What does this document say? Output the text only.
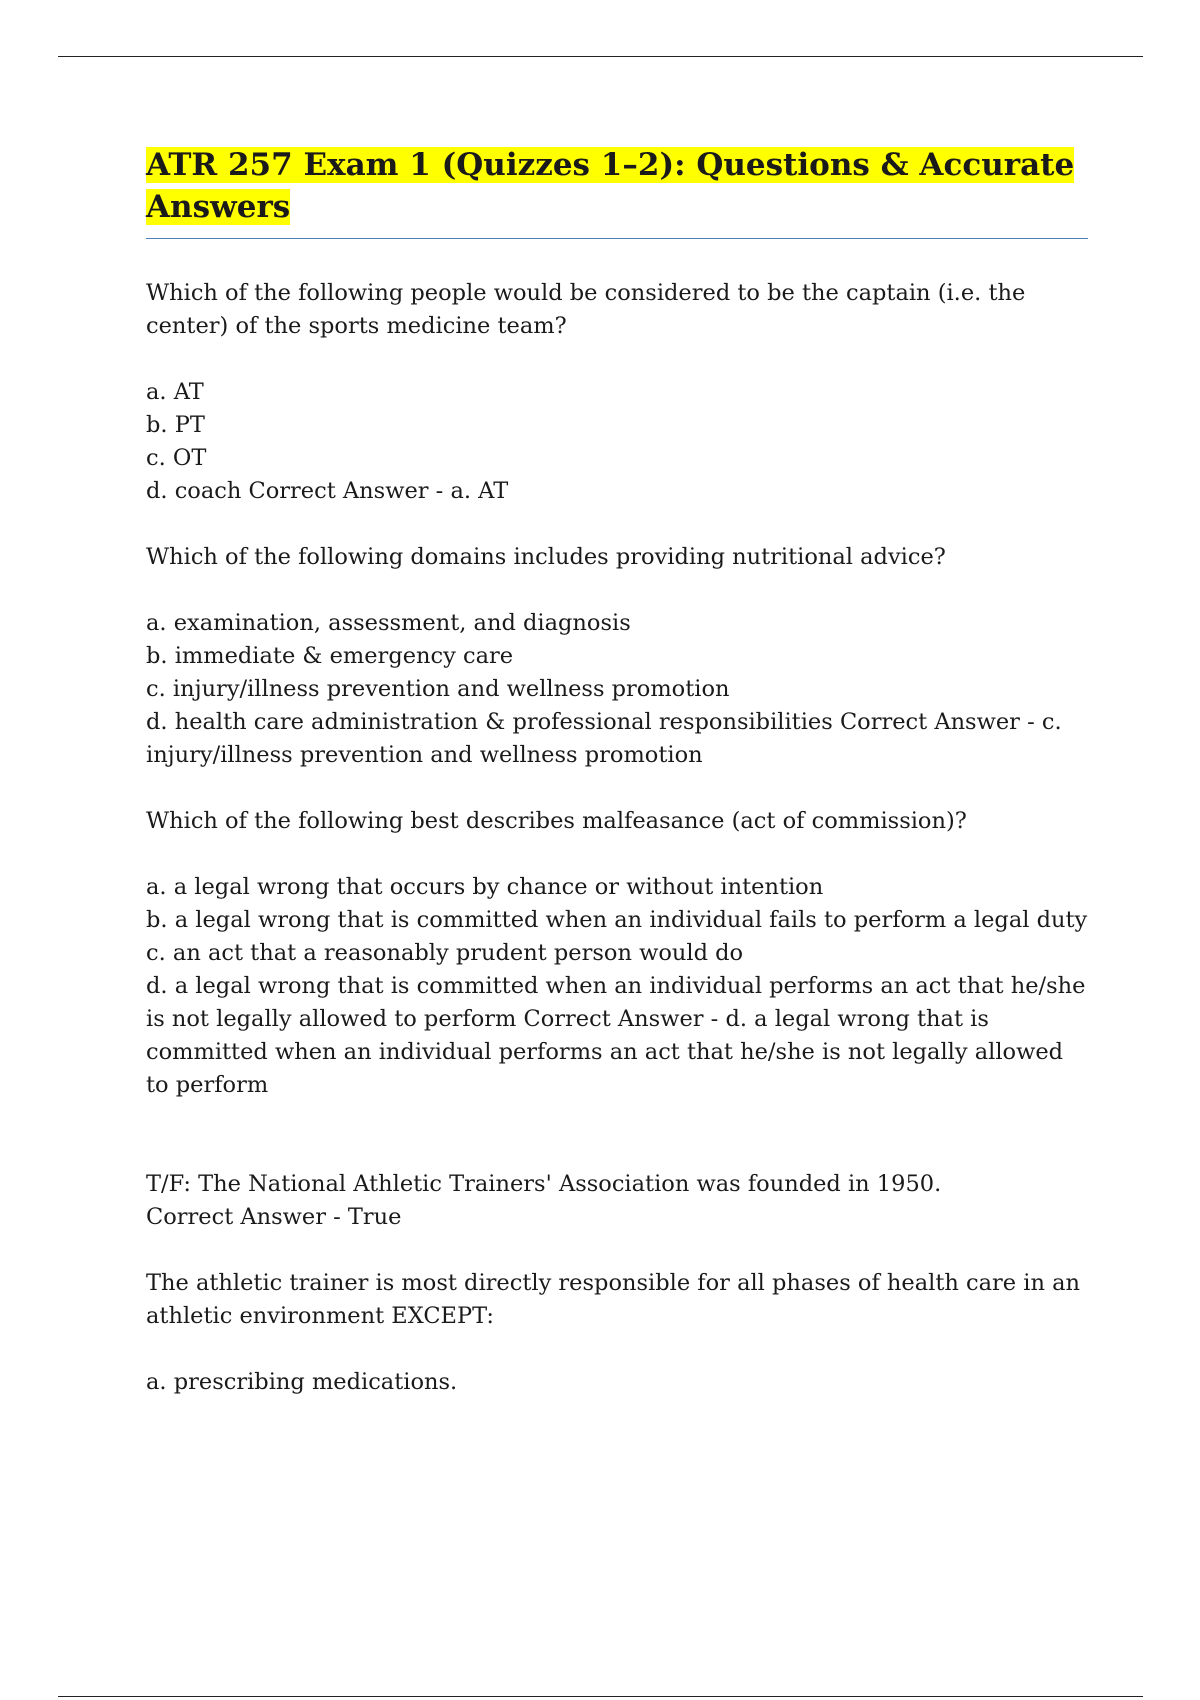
ATR 257 Exam 1 (Quizzes 1–2): Questions & Accurate
Answers

Which of the following people would be considered to be the captain (i.e. the center) of the sports medicine team?

a. AT
b. PT
c. OT
d. coach Correct Answer - a. AT

Which of the following domains includes providing nutritional advice?

a. examination, assessment, and diagnosis
b. immediate & emergency care
c. injury/illness prevention and wellness promotion
d. health care administration & professional responsibilities Correct Answer - c. injury/illness prevention and wellness promotion

Which of the following best describes malfeasance (act of commission)?

a. a legal wrong that occurs by chance or without intention
b. a legal wrong that is committed when an individual fails to perform a legal duty
c. an act that a reasonably prudent person would do
d. a legal wrong that is committed when an individual performs an act that he/she is not legally allowed to perform Correct Answer - d. a legal wrong that is committed when an individual performs an act that he/she is not legally allowed to perform

T/F: The National Athletic Trainers' Association was founded in 1950.
Correct Answer - True

The athletic trainer is most directly responsible for all phases of health care in an athletic environment EXCEPT:

a. prescribing medications.
